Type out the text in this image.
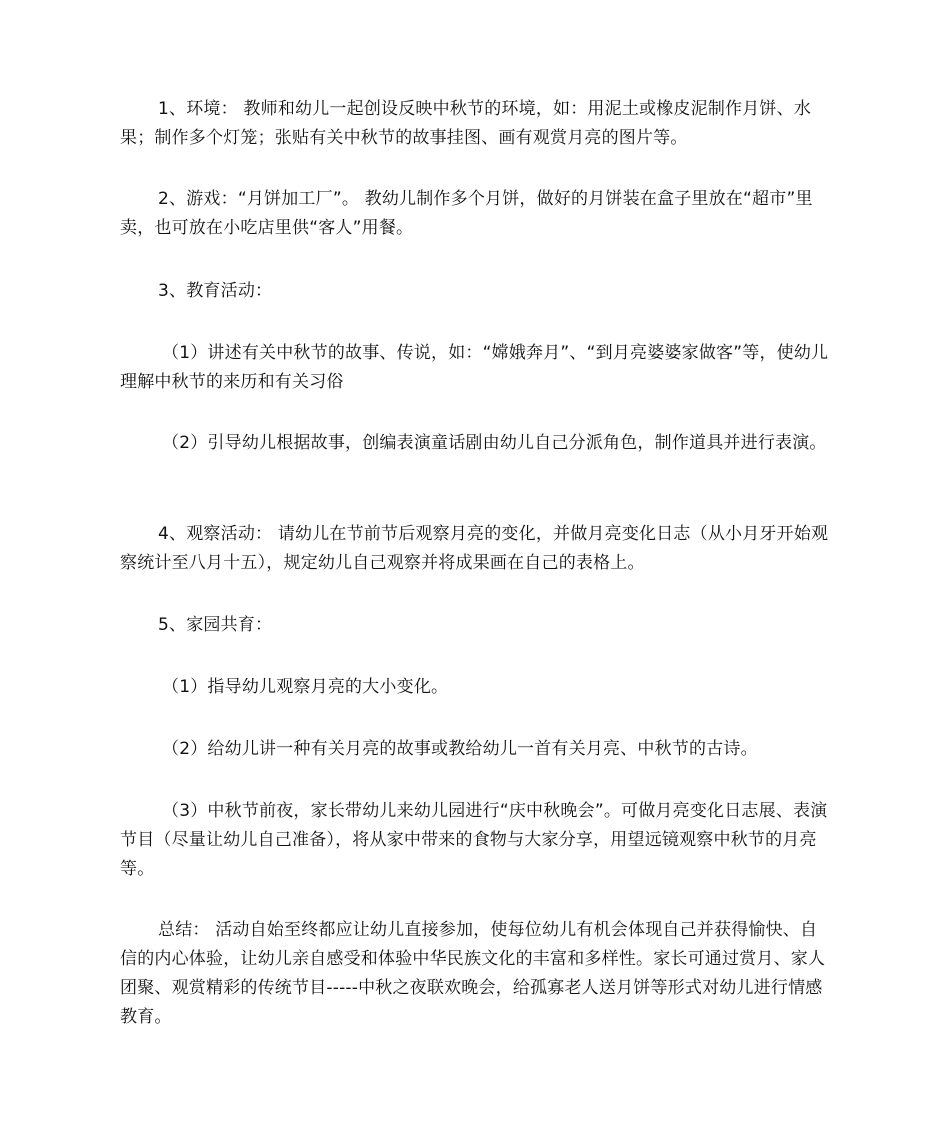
1、环境： 教师和幼儿一起创设反映中秋节的环境，如：用泥土或橡皮泥制作月饼、水果；制作多个灯笼；张贴有关中秋节的故事挂图、画有观赏月亮的图片等。

2、游戏：“月饼加工厂”。 教幼儿制作多个月饼，做好的月饼装在盒子里放在“超市”里卖，也可放在小吃店里供“客人”用餐。

3、教育活动：

（1）讲述有关中秋节的故事、传说，如：“嫦娥奔月”、“到月亮婆婆家做客”等，使幼儿理解中秋节的来历和有关习俗

（2）引导幼儿根据故事，创编表演童话剧由幼儿自己分派角色，制作道具并进行表演。

4、观察活动： 请幼儿在节前节后观察月亮的变化，并做月亮变化日志（从小月牙开始观察统计至八月十五），规定幼儿自己观察并将成果画在自己的表格上。

5、家园共育：

（1）指导幼儿观察月亮的大小变化。

（2）给幼儿讲一种有关月亮的故事或教给幼儿一首有关月亮、中秋节的古诗。

（3）中秋节前夜，家长带幼儿来幼儿园进行“庆中秋晚会”。可做月亮变化日志展、表演节目（尽量让幼儿自己准备），将从家中带来的食物与大家分享，用望远镜观察中秋节的月亮等。

总结： 活动自始至终都应让幼儿直接参加，使每位幼儿有机会体现自己并获得愉快、自信的内心体验，让幼儿亲自感受和体验中华民族文化的丰富和多样性。家长可通过赏月、家人团聚、观赏精彩的传统节目-----中秋之夜联欢晚会，给孤寡老人送月饼等形式对幼儿进行情感教育。
